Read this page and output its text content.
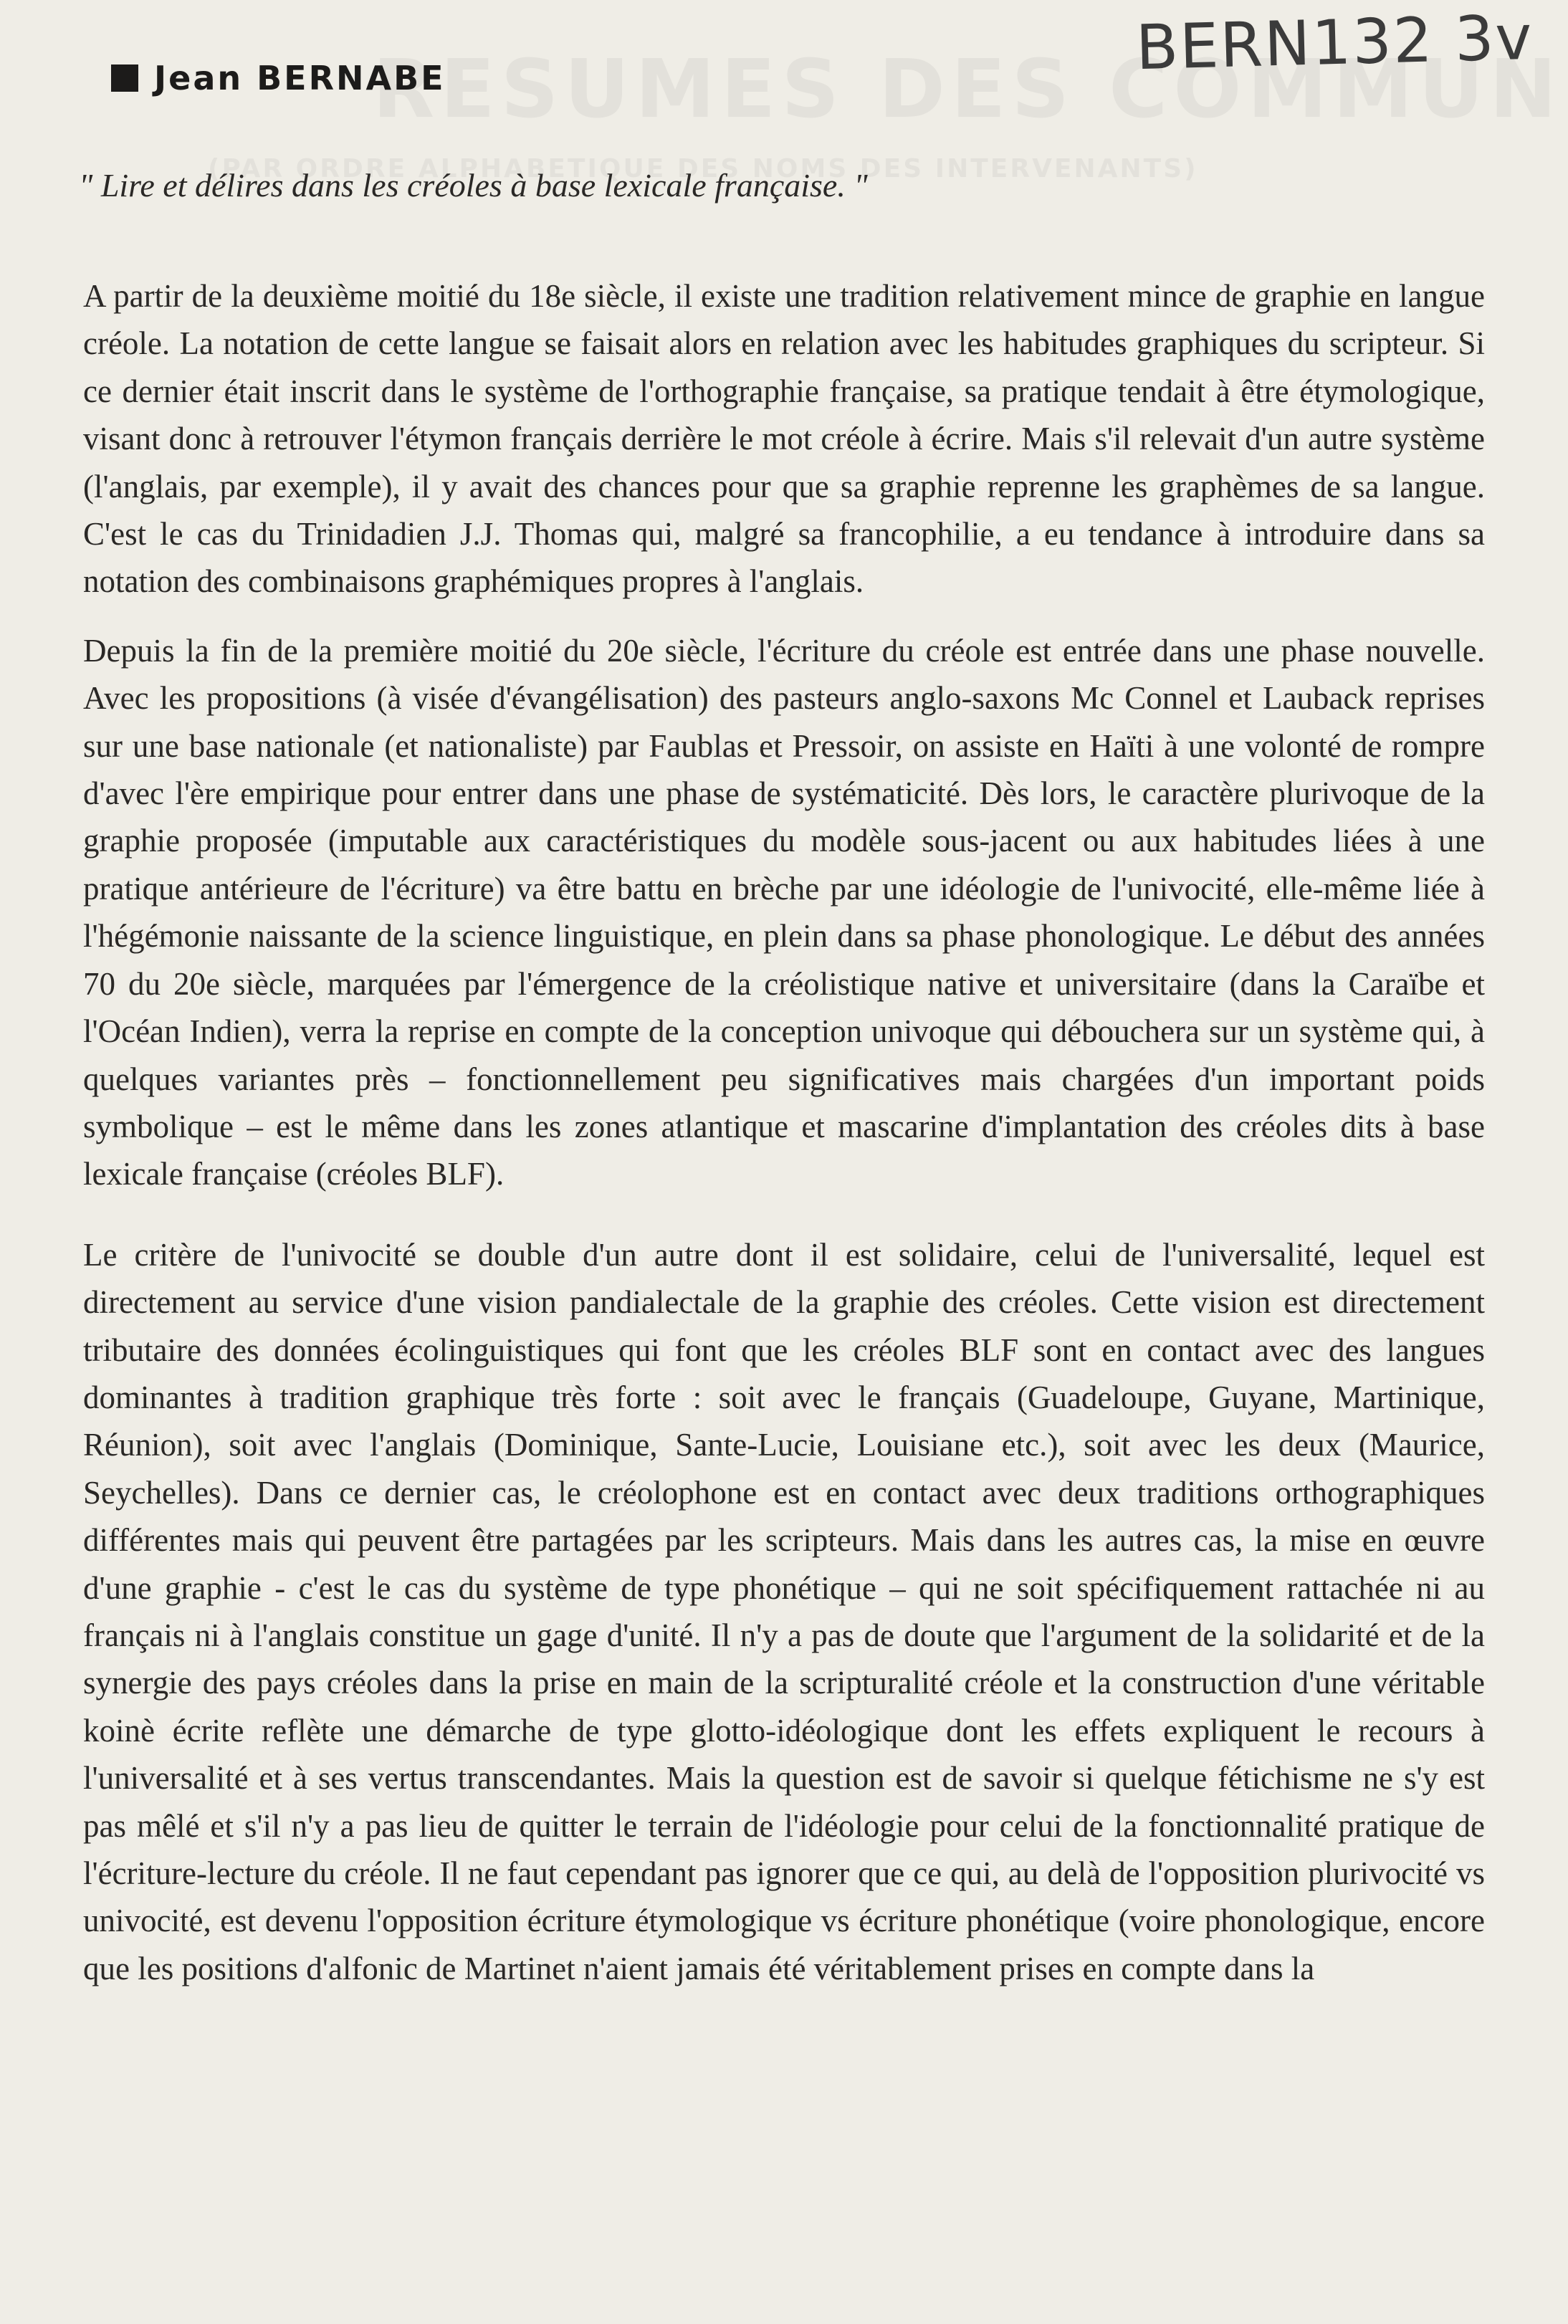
BERN132 3v
Jean BERNABE
" Lire et délires dans les créoles à base lexicale française. "

A partir de la deuxième moitié du 18e siècle, il existe une tradition relativement mince de graphie en langue créole. La notation de cette langue se faisait alors en relation avec les habitudes graphiques du scripteur. Si ce dernier était inscrit dans le système de l'orthographie française, sa pratique tendait à être étymologique, visant donc à retrouver l'étymon français derrière le mot créole à écrire. Mais s'il relevait d'un autre système (l'anglais, par exemple), il y avait des chances pour que sa graphie reprenne les graphèmes de sa langue. C'est le cas du Trinidadien J.J. Thomas qui, malgré sa francophilie, a eu tendance à introduire dans sa notation des combinaisons graphémiques propres à l'anglais.

Depuis la fin de la première moitié du 20e siècle, l'écriture du créole est entrée dans une phase nouvelle. Avec les propositions (à visée d'évangélisation) des pasteurs anglo-saxons Mc Connel et Lauback reprises sur une base nationale (et nationaliste) par Faublas et Pressoir, on assiste en Haïti à une volonté de rompre d'avec l'ère empirique pour entrer dans une phase de systématicité. Dès lors, le caractère plurivoque de la graphie proposée (imputable aux caractéristiques du modèle sous-jacent ou aux habitudes liées à une pratique antérieure de l'écriture) va être battu en brèche par une idéologie de l'univocité, elle-même liée à l'hégémonie naissante de la science linguistique, en plein dans sa phase phonologique. Le début des années 70 du 20e siècle, marquées par l'émergence de la créolistique native et universitaire (dans la Caraïbe et l'Océan Indien), verra la reprise en compte de la conception univoque qui débouchera sur un système qui, à quelques variantes près – fonctionnellement peu significatives mais chargées d'un important poids symbolique – est le même dans les zones atlantique et mascarine d'implantation des créoles dits à base lexicale française (créoles BLF).

Le critère de l'univocité se double d'un autre dont il est solidaire, celui de l'universalité, lequel est directement au service d'une vision pandialectale de la graphie des créoles. Cette vision est directement tributaire des données écolinguistiques qui font que les créoles BLF sont en contact avec des langues dominantes à tradition graphique très forte : soit avec le français (Guadeloupe, Guyane, Martinique, Réunion), soit avec l'anglais (Dominique, Sante-Lucie, Louisiane etc.), soit avec les deux (Maurice, Seychelles). Dans ce dernier cas, le créolophone est en contact avec deux traditions orthographiques différentes mais qui peuvent être partagées par les scripteurs. Mais dans les autres cas, la mise en œuvre d'une graphie - c'est le cas du système de type phonétique – qui ne soit spécifiquement rattachée ni au français ni à l'anglais constitue un gage d'unité. Il n'y a pas de doute que l'argument de la solidarité et de la synergie des pays créoles dans la prise en main de la scripturalité créole et la construction d'une véritable koinè écrite reflète une démarche de type glotto-idéologique dont les effets expliquent le recours à l'universalité et à ses vertus transcendantes. Mais la question est de savoir si quelque fétichisme ne s'y est pas mêlé et s'il n'y a pas lieu de quitter le terrain de l'idéologie pour celui de la fonctionnalité pratique de l'écriture-lecture du créole. Il ne faut cependant pas ignorer que ce qui, au delà de l'opposition plurivocité vs univocité, est devenu l'opposition écriture étymologique vs écriture phonétique (voire phonologique, encore que les positions d'alfonic de Martinet n'aient jamais été véritablement prises en compte dans la
